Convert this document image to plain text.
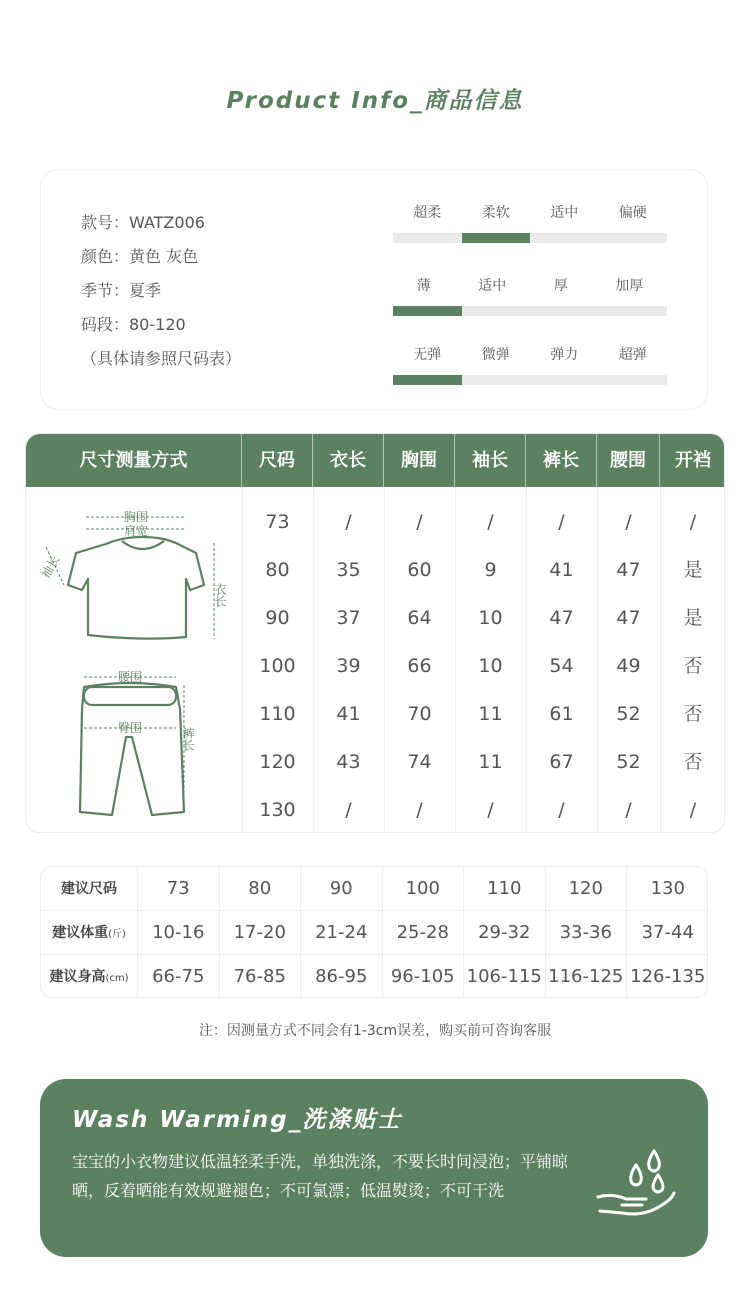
Product Info_商品信息
款号：WATZ006
颜色：黄色 灰色
季节：夏季
码段：80-120
（具体请参照尺码表）
超柔	柔软	适中	偏硬
薄	适中	厚	加厚
无弹	微弹	弹力	超弹
尺寸测量方式	尺码	衣长	胸围	袖长	裤长	腰围	开裆
胸围
肩宽
袖长
衣长
腰围
臀围	裤长
73	/	/	/	/	/	/
80	35	60	9	41	47	是
90	37	64	10	47	47	是
100	39	66	10	54	49	否
110	41	70	11	61	52	否
120	43	74	11	67	52	否
130	/	/	/	/	/	/
建议尺码	73	80	90	100	110	120	130
建议体重(斤)	10-16	17-20	21-24	25-28	29-32	33-36	37-44
建议身高(cm)	66-75	76-85	86-95	96-105 106-115 116-125 126-135
注：因测量方式不同会有1-3cm误差，购买前可咨询客服
Wash Warming_洗涤贴士
宝宝的小衣物建议低温轻柔手洗，单独洗涤，不要长时间浸泡；平铺晾晒，反着晒能有效规避褪色；不可氯漂；低温熨烫；不可干洗
